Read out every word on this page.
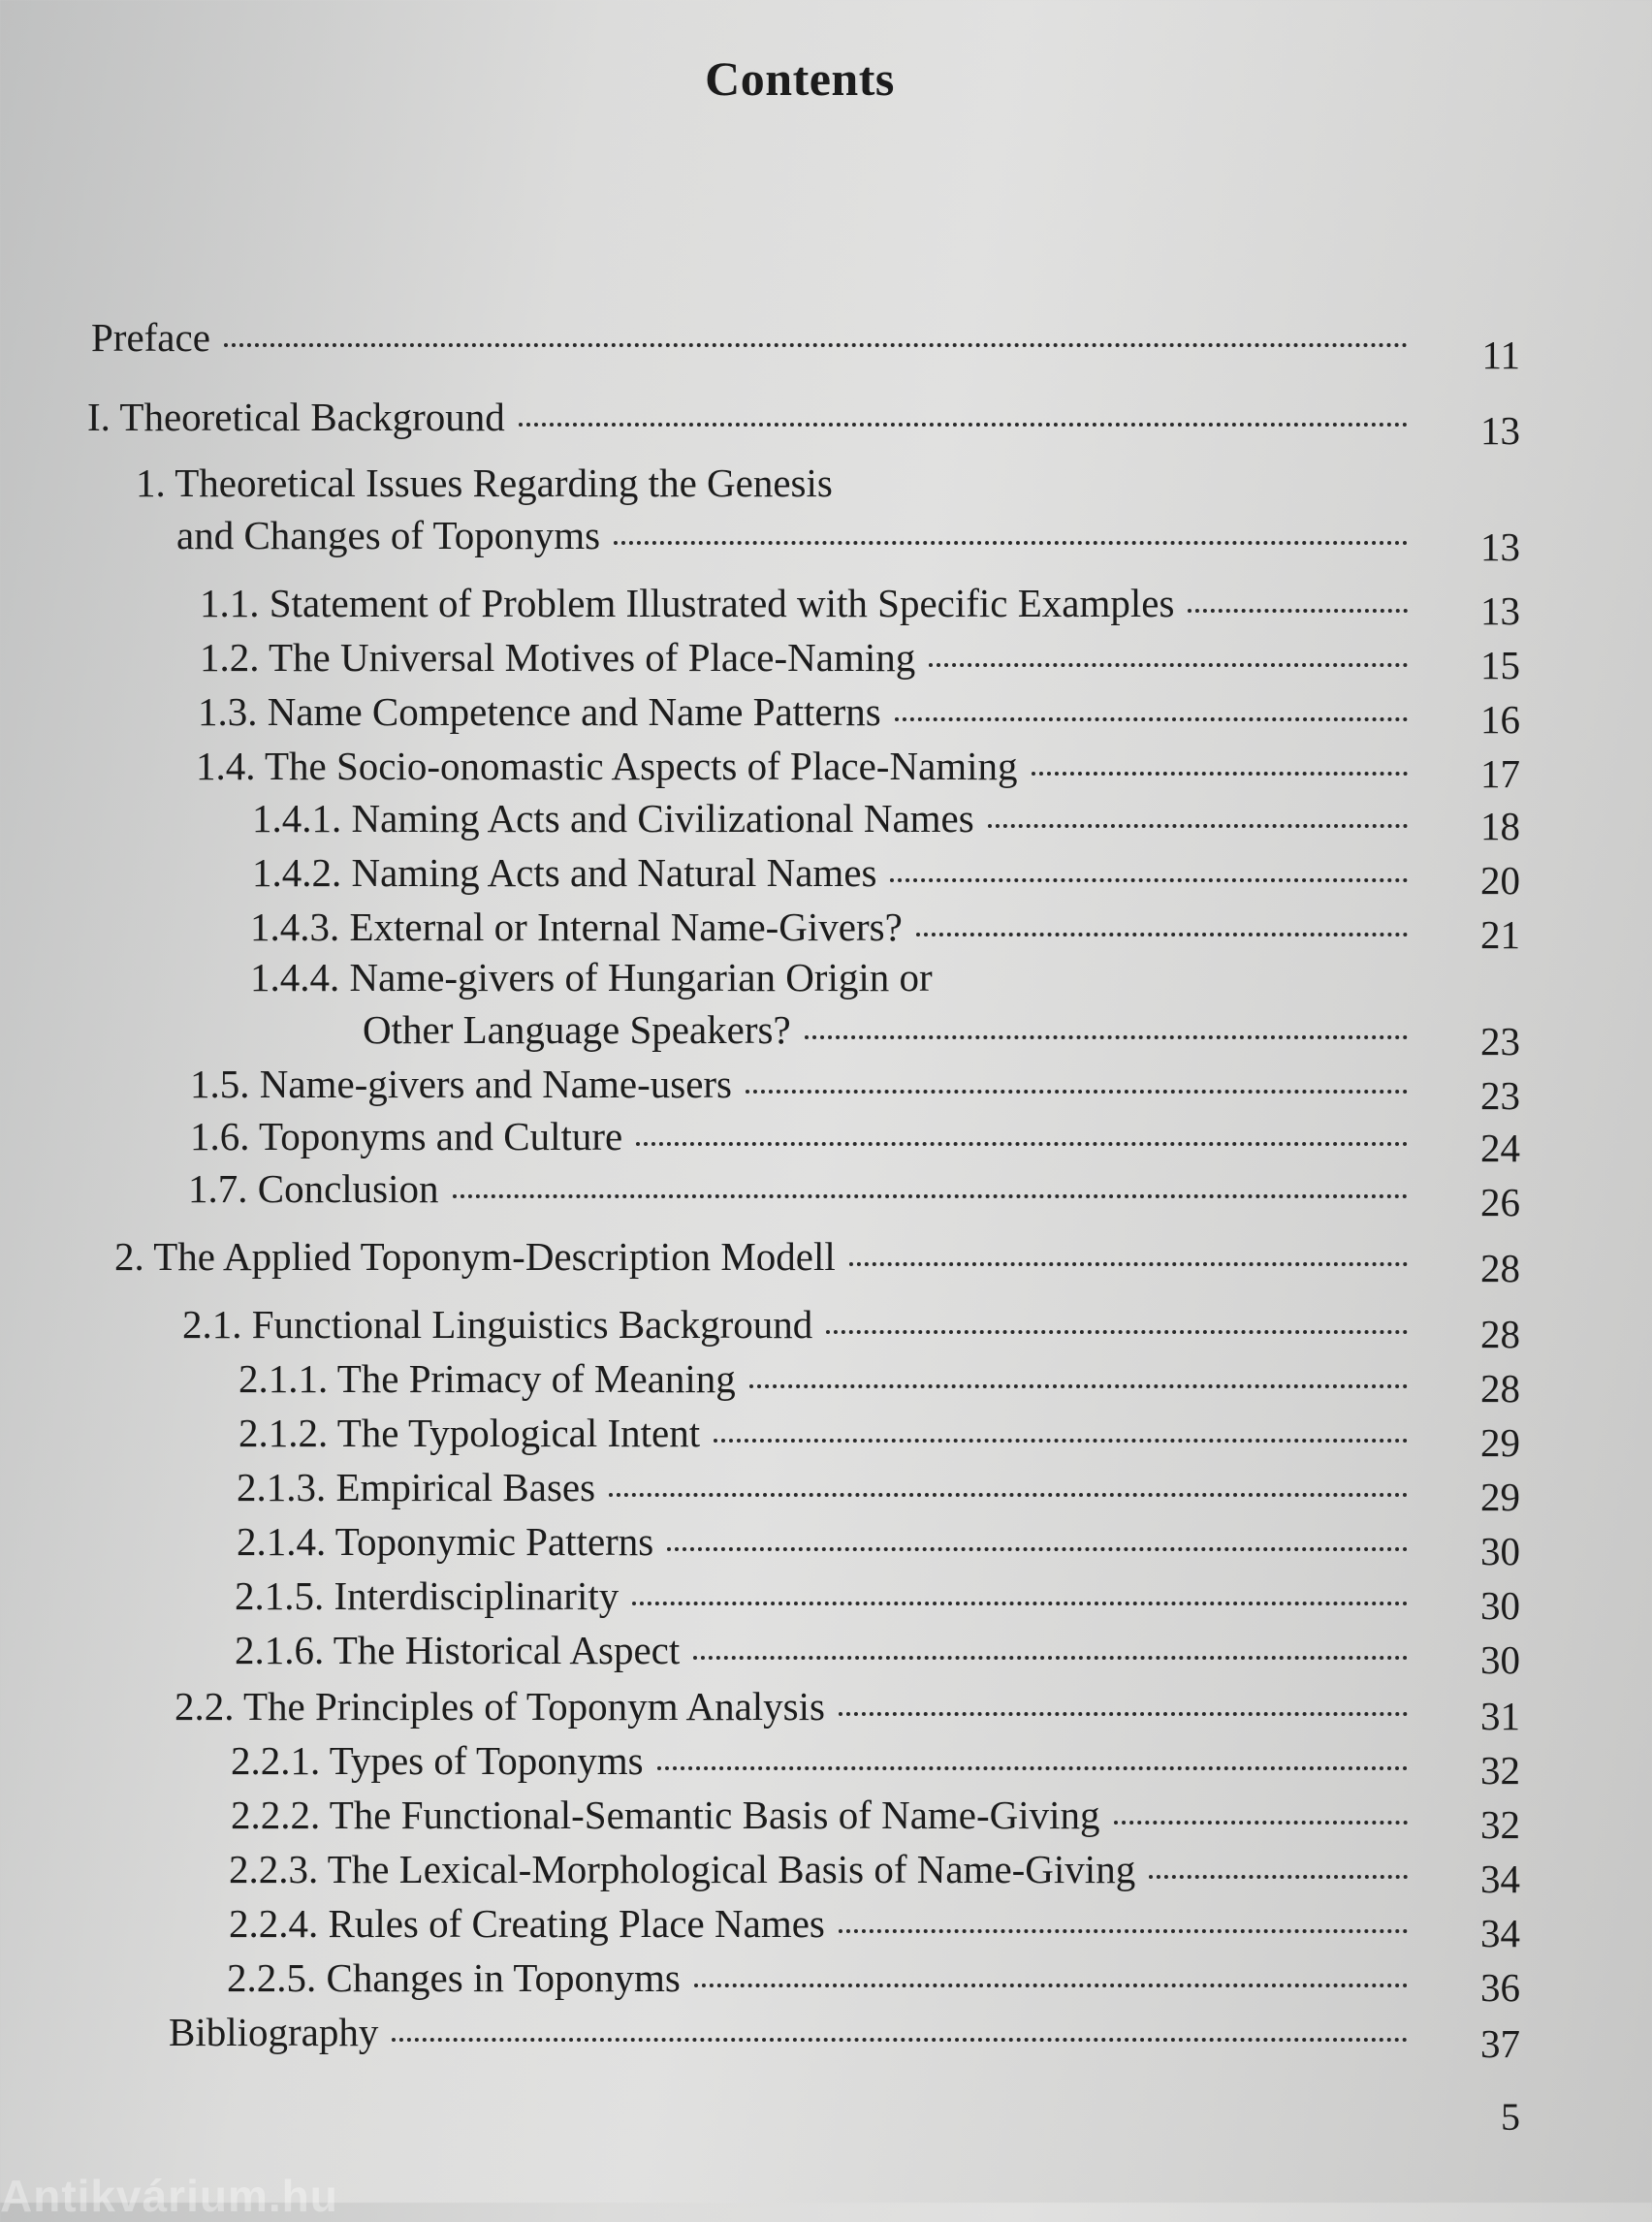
Contents
Preface	11
I. Theoretical Background	13
1. Theoretical Issues Regarding the Genesis
and Changes of Toponyms	13
1.1. Statement of Problem Illustrated with Specific Examples	13
1.2. The Universal Motives of Place-Naming	15
1.3. Name Competence and Name Patterns	16
1.4. The Socio-onomastic Aspects of Place-Naming	17
1.4.1. Naming Acts and Civilizational Names	18
1.4.2. Naming Acts and Natural Names	20
1.4.3. External or Internal Name-Givers?	21
1.4.4. Name-givers of Hungarian Origin or
Other Language Speakers?	23
1.5. Name-givers and Name-users	23
1.6. Toponyms and Culture	24
1.7. Conclusion	26
2. The Applied Toponym-Description Modell	28
2.1. Functional Linguistics Background	28
2.1.1. The Primacy of Meaning	28
2.1.2. The Typological Intent	29
2.1.3. Empirical Bases	29
2.1.4. Toponymic Patterns	30
2.1.5. Interdisciplinarity	30
2.1.6. The Historical Aspect	30
2.2. The Principles of Toponym Analysis	31
2.2.1. Types of Toponyms	32
2.2.2. The Functional-Semantic Basis of Name-Giving	32
2.2.3. The Lexical-Morphological Basis of Name-Giving	34
2.2.4. Rules of Creating Place Names	34
2.2.5. Changes in Toponyms	36
Bibliography	37
5
Antikvárium.hu
